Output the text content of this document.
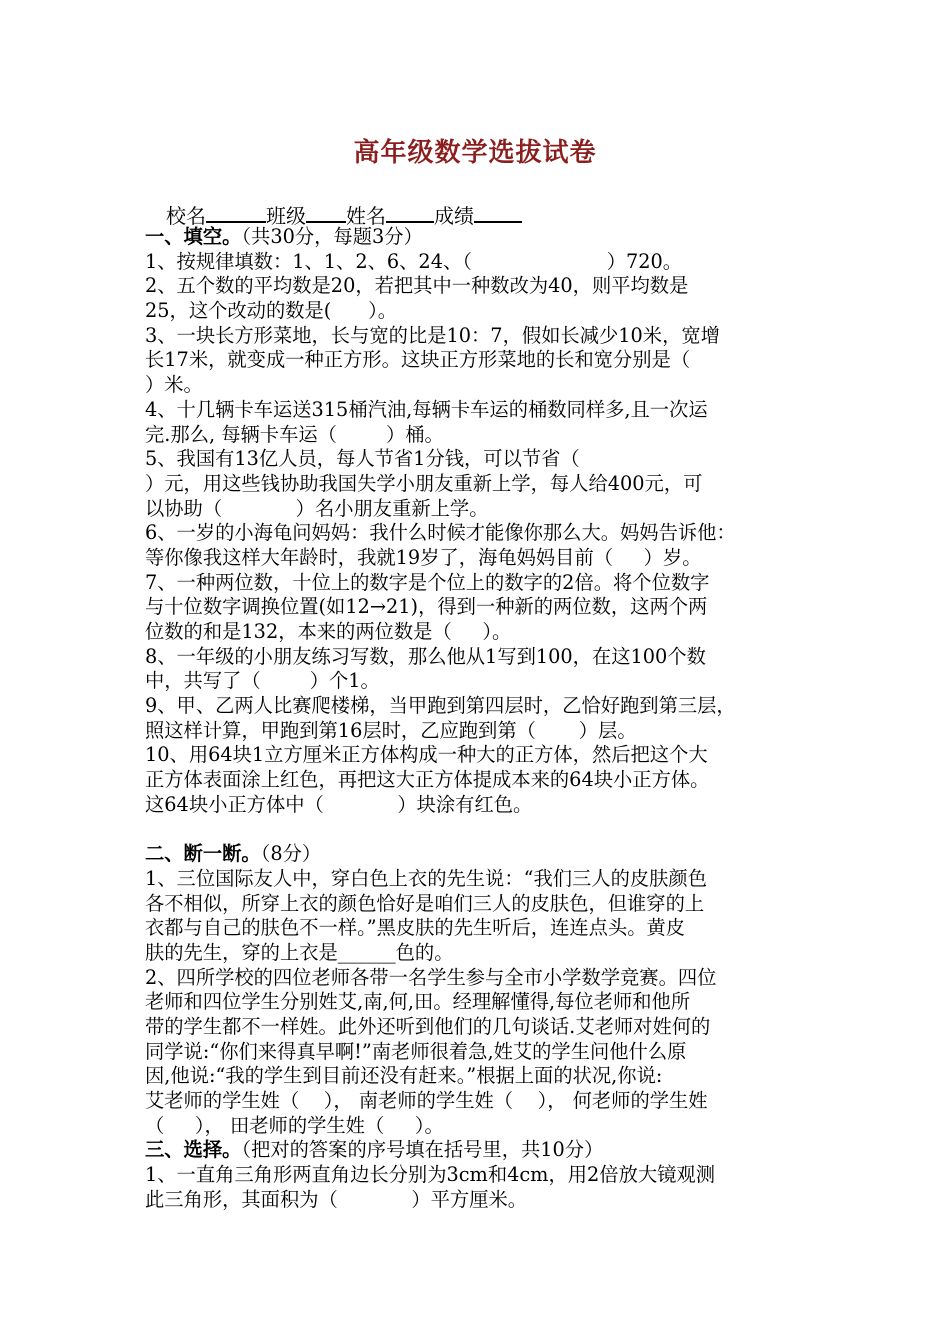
高年级数学选拔试卷
校名	班级 姓名 成绩
一、填空。（共30分，每题3分）
1、按规律填数：1、1、2、6、24、（                      ）720。
2、五个数的平均数是20，若把其中一种数改为40，则平均数是
25，这个改动的数是(      ）。
3、一块长方形菜地，长与宽的比是10：7，假如长减少10米，宽增
长17米，就变成一种正方形。这块正方形菜地的长和宽分别是（
）米。
4、十几辆卡车运送315桶汽油,每辆卡车运的桶数同样多,且一次运
完.那么, 每辆卡车运（        ）桶。
5、我国有13亿人员，每人节省1分钱，可以节省（
）元，用这些钱协助我国失学小朋友重新上学，每人给400元，可
以协助（            ）名小朋友重新上学。
6、一岁的小海龟问妈妈：我什么时候才能像你那么大。妈妈告诉他：
等你像我这样大年龄时，我就19岁了，海龟妈妈目前（     ）岁。
7、一种两位数，十位上的数字是个位上的数字的2倍。将个位数字
与十位数字调换位置(如12→21)，得到一种新的两位数，这两个两
位数的和是132，本来的两位数是（     ）。
8、一年级的小朋友练习写数，那么他从1写到100，在这100个数
中，共写了（        ）个1。
9、甲、乙两人比赛爬楼梯，当甲跑到第四层时，乙恰好跑到第三层，
照这样计算，甲跑到第16层时，乙应跑到第（       ）层。
10、用64块1立方厘米正方体构成一种大的正方体，然后把这个大
正方体表面涂上红色，再把这大正方体提成本来的64块小正方体。
这64块小正方体中（            ）块涂有红色。
二、断一断。（8分）
1、三位国际友人中，穿白色上衣的先生说：“我们三人的皮肤颜色
各不相似，所穿上衣的颜色恰好是咱们三人的皮肤色，但谁穿的上
衣都与自己的肤色不一样。”黑皮肤的先生听后，连连点头。黄皮
肤的先生，穿的上衣是______色的。
2、四所学校的四位老师各带一名学生参与全市小学数学竞赛。四位
老师和四位学生分别姓艾,南,何,田。经理解懂得,每位老师和他所
带的学生都不一样姓。此外还听到他们的几句谈话.艾老师对姓何的
同学说:“你们来得真早啊!”南老师很着急,姓艾的学生问他什么原
因,他说:“我的学生到目前还没有赶来。”根据上面的状况,你说:
艾老师的学生姓（    ）， 南老师的学生姓（    ）， 何老师的学生姓
（     ）， 田老师的学生姓（     ）。
三、选择。（把对的答案的序号填在括号里，共10分）
1、一直角三角形两直角边长分别为3cm和4cm，用2倍放大镜观测
此三角形，其面积为（            ）平方厘米。
